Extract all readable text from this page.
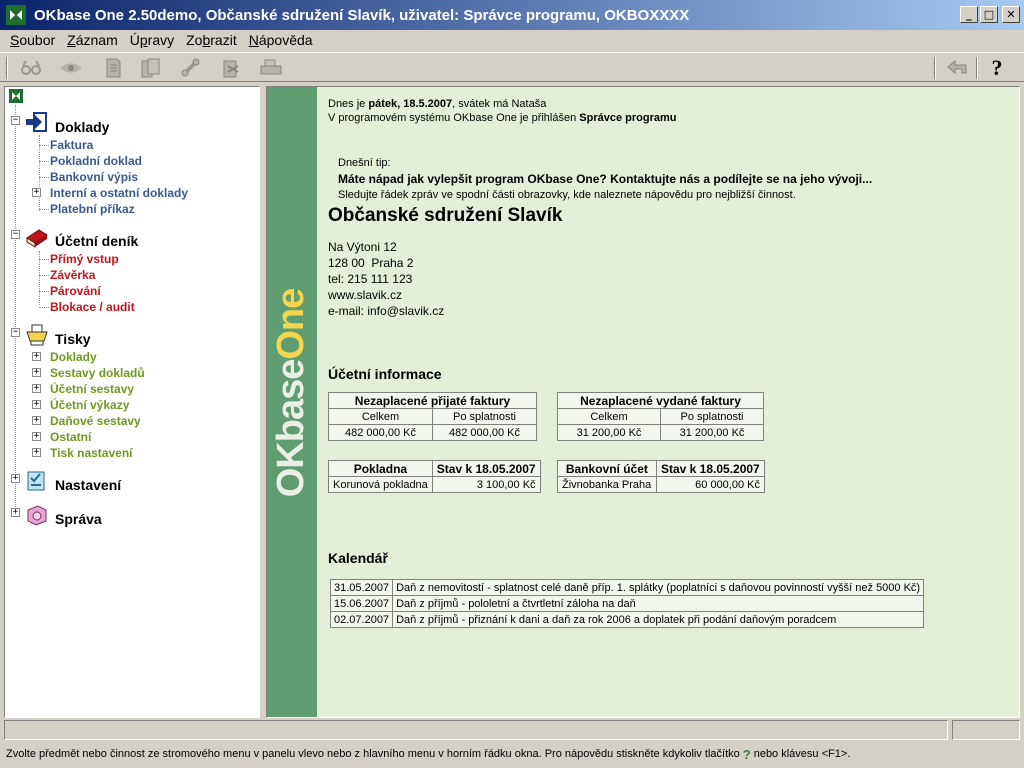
OKbase One 2.50demo, Občanské sdružení Slavík, uživatel: Správce programu, OKBOXXXX	_	□	✕
Soubor Záznam Úpravy Zobrazit Nápověda
?
−	Doklady
Faktura
Pokladní doklad
Bankovní výpis
+ Interní a ostatní doklady
Platební příkaz
−	Účetní deník
Přímý vstup
Závěrka
Párování
Blokace / audit
−	Tisky
+ Doklady
+ Sestavy dokladů
+ Účetní sestavy
+ Účetní výkazy
+ Daňové sestavy
+ Ostatní
+ Tisk nastavení
+	Nastavení
+	Správa
OKbase
One
Dnes je pátek, 18.5.2007, svátek má Nataša
V programovém systému OKbase One je přihlášen Správce programu
Dnešní tip:
Máte nápad jak vylepšit program OKbase One? Kontaktujte nás a podílejte se na jeho vývoji...
Sledujte řádek zpráv ve spodní části obrazovky, kde naleznete nápovědu pro nejbližší činnost.
Občanské sdružení Slavík
Na Výtoni 12
128 00  Praha 2
tel: 215 111 123
www.slavik.cz
e-mail: info@slavik.cz
Účetní informace
Nezaplacené přijaté faktury	
Celkem	Po splatnosti
482 000,00 Kč	482 000,00 Kč
Nezaplacené vydané faktury	
Celkem	Po splatnosti
31 200,00 Kč	31 200,00 Kč
Pokladna	Stav k 18.05.2007
Korunová pokladna	3 100,00 Kč
Bankovní účet	Stav k 18.05.2007
Živnobanka Praha	60 000,00 Kč
Kalendář
31.05.2007	Daň z nemovitostí - splatnost celé daně příp. 1. splátky (poplatníci s daňovou povinností vyšší než 5000 Kč)
15.06.2007	Daň z příjmů - pololetní a čtvrtletní záloha na daň
02.07.2007	Daň z příjmů - přiznání k dani a daň za rok 2006 a doplatek při podání daňovým poradcem
Zvolte předmět nebo činnost ze stromového menu v panelu vlevo nebo z hlavního menu v horním řádku okna. Pro nápovědu stiskněte kdykoliv tlačítko ? nebo klávesu <F1>.
